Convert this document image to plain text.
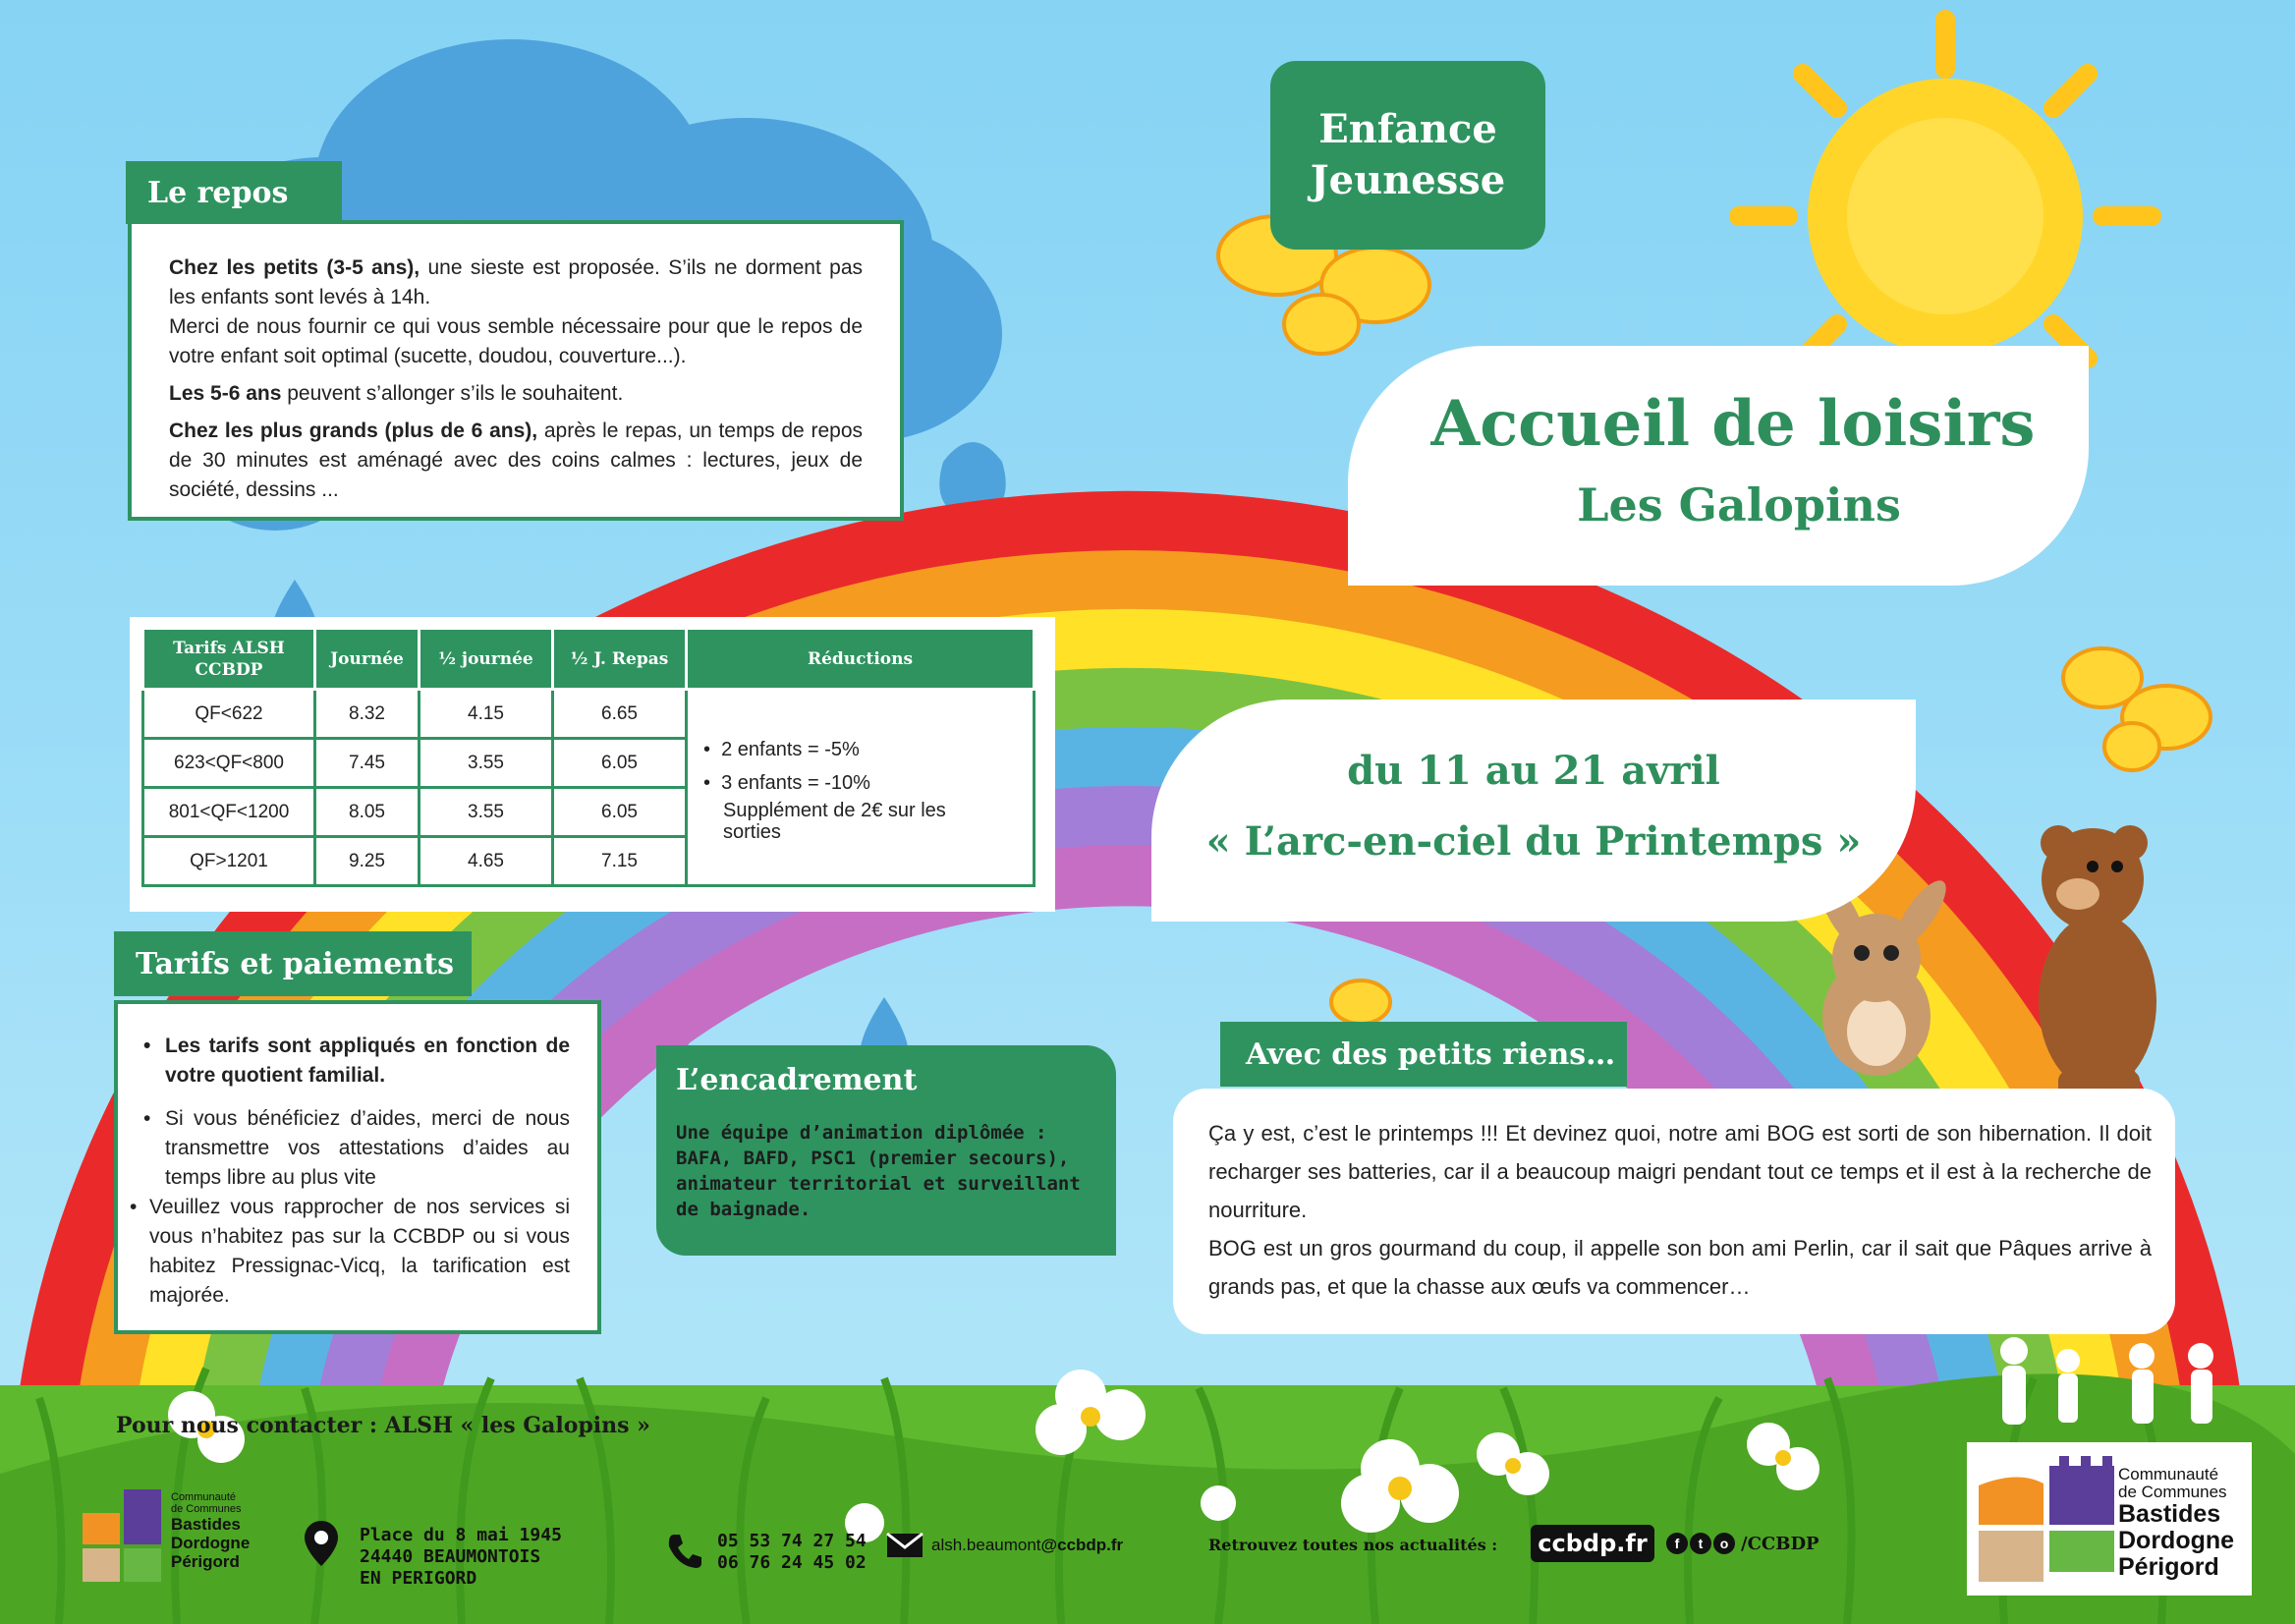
Enfance
Jeunesse
Accueil de loisirs
Les Galopins
du 11 au 21 avril
« L’arc-en-ciel du Printemps »
Le repos

Chez les petits (3-5 ans), une sieste est proposée. S’ils ne dorment pas les enfants sont levés à 14h.
Merci de nous fournir ce qui vous semble nécessaire pour que le repos de votre enfant soit optimal (sucette, doudou, couverture...).

Les 5-6 ans peuvent s’allonger s’ils le souhaitent.

Chez les plus grands (plus de 6 ans), après le repas, un temps de repos de 30 minutes est aménagé avec des coins calmes : lectures, jeux de société, dessins ...

Tarifs ALSH CCBDP	Journée	½ journée	½ J. Repas	Réductions
QF<622	8.32	4.15	6.65	•  2 enfants = -5%
•  3 enfants = -10%
Supplément de 2€ sur les sorties

623<QF<800	7.45	3.55	6.05	
801<QF<1200	8.05	3.55	6.05	
QF>1201	9.25	4.65	7.15	
Tarifs et paiements
• Les tarifs sont appliqués en fonction de votre quotient familial.
• Si vous bénéficiez d’aides, merci de nous transmettre vos attestations d’aides au temps libre au plus vite
• Veuillez vous rapprocher de nos services si vous n’habitez pas sur la CCBDP ou si vous habitez Pressignac-Vicq, la tarification est majorée.
L’encadrement
Une équipe d’animation diplômée : BAFA, BAFD, PSC1 (premier secours), animateur territorial et surveillant de baignade.
Avec des petits riens…

Ça y est, c’est le printemps !!! Et devinez quoi, notre ami BOG est sorti de son hibernation. Il doit recharger ses batteries, car il a beaucoup maigri pendant tout ce temps et il est à la recherche de nourriture.

BOG est un gros gourmand du coup, il appelle son bon ami Perlin, car il sait que Pâques arrive à grands pas, et que la chasse aux œufs va commencer…

Pour nous contacter : ALSH « les Galopins »
Communauté
de Communes
Bastides
Dordogne
Périgord
Place du 8 mai 1945
24440 BEAUMONTOIS
EN PERIGORD
05 53 74 27 54
06 76 24 45 02
alsh.beaumont@ccbdp.fr	Retrouvez toutes nos actualités : ccbdp.fr	f	t	o /CCBDP
Communauté
de Communes
Bastides
Dordogne
Périgord
